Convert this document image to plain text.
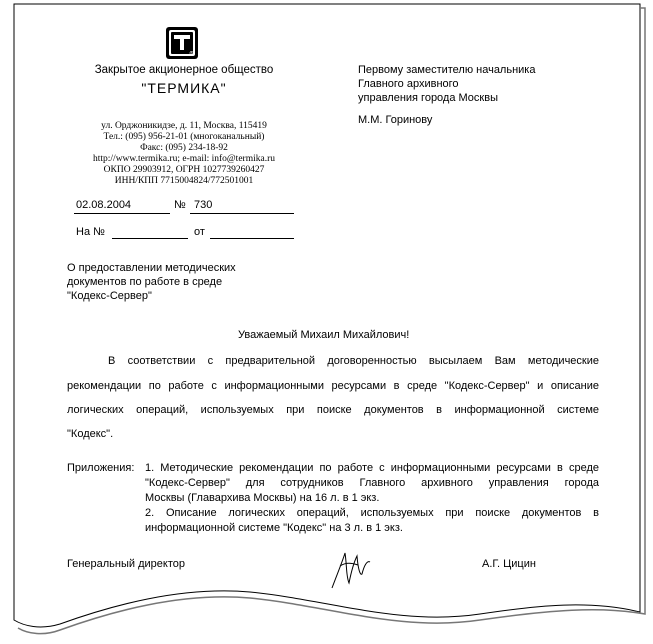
®
Закрытое акционерное общество
"ТЕРМИКА"
ул. Орджоникидзе, д. 11, Москва, 115419
Тел.: (095) 956-21-01 (многоканальный)
Факс: (095) 234-18-92
http://www.termika.ru; e-mail: info@termika.ru
ОКПО 29903912, ОГРН 1027739260427
ИНН/КПП 7715004824/772501001
Первому заместителю начальника
Главного архивного
управления города Москвы
М.М. Горинову
02.08.2004	№ 730
На №	от
О предоставлении методических
документов по работе в среде
"Кодекс-Сервер"
Уважаемый Михаил Михайлович!
В соответствии с предварительной договоренностью высылаем Вам методические
рекомендации по работе с информационными ресурсами в среде "Кодекс-Сервер" и описание
логических операций, используемых при поиске документов в информационной системе
"Кодекс".
Приложения: 1. Методические рекомендации по работе с информационными ресурсами в среде
"Кодекс-Сервер" для сотрудников Главного архивного управления города
Москвы (Главархива Москвы) на 16 л. в 1 экз.
2. Описание логических операций, используемых при поиске документов в
информационной системе "Кодекс" на 3 л. в 1 экз.
Генеральный директор	А.Г. Цицин
